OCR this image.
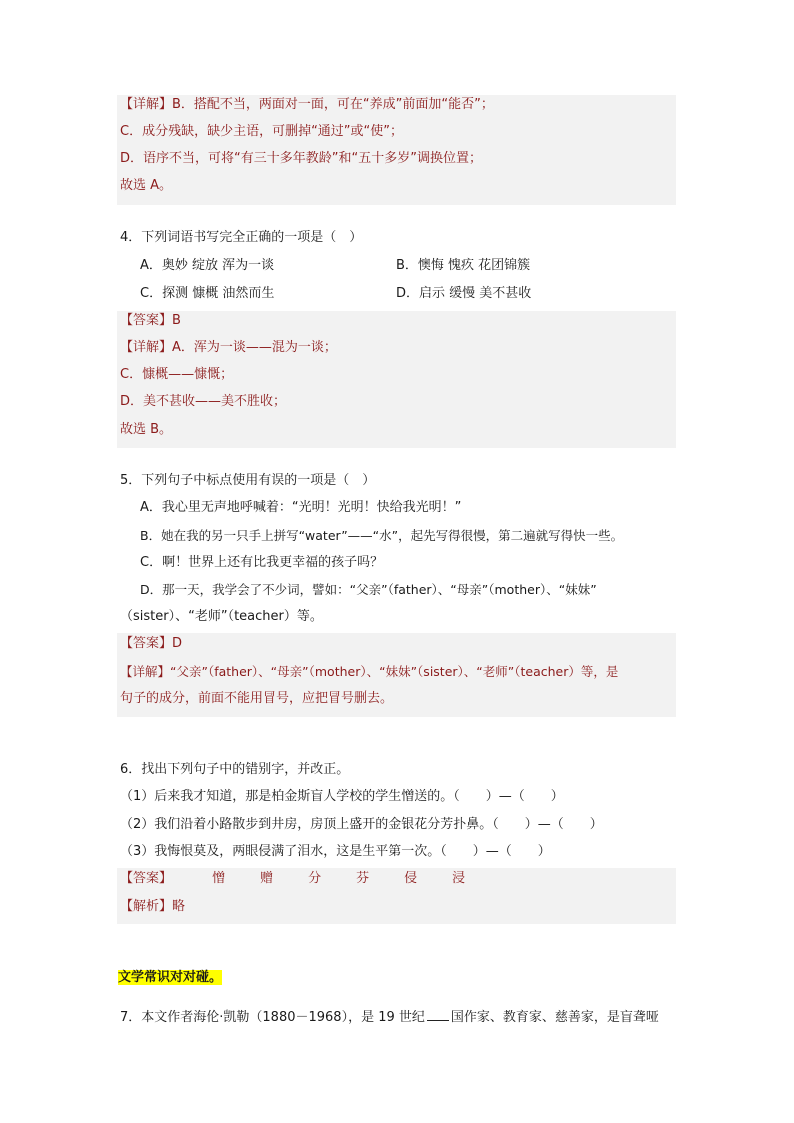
【详解】B．搭配不当，两面对一面，可在“养成”前面加“能否”；
C．成分残缺，缺少主语，可删掉“通过”或“使”；
D．语序不当，可将“有三十多年教龄”和“五十多岁”调换位置；
故选 A。
4．下列词语书写完全正确的一项是（　）
A．奥妙 绽放 浑为一谈	B．懊悔 愧疚 花团锦簇
C．探测 慷概 油然而生	D．启示 缓慢 美不甚收
【答案】B
【详解】A．浑为一谈——混为一谈；
C．慷概——慷慨；
D．美不甚收——美不胜收；
故选 B。
5．下列句子中标点使用有误的一项是（　）
A．我心里无声地呼喊着：“光明！光明！快给我光明！”
B．她在我的另一只手上拼写“water”——“水”，起先写得很慢，第二遍就写得快一些。
C．啊！世界上还有比我更幸福的孩子吗？
D．那一天，我学会了不少词，譬如：“父亲”（father）、“母亲”（mother）、“妹妹”
（sister）、“老师”（teacher）等。
【答案】D
【详解】“父亲”（father）、“母亲”（mother）、“妹妹”（sister）、“老师”（teacher）等，是
句子的成分，前面不能用冒号，应把冒号删去。
6．找出下列句子中的错别字，并改正。
（1）后来我才知道，那是柏金斯盲人学校的学生憎送的。（　　）—（　　）
（2）我们沿着小路散步到井房，房顶上盛开的金银花分芳扑鼻。（　　）—（　　）
（3）我悔恨莫及，两眼侵满了泪水，这是生平第一次。（　　）—（　　）
【答案】	憎	赠	分	芬	侵	浸
【解析】略
文学常识对对碰。
7．本文作者海伦·凯勒（1880－1968），是 19 世纪 国作家、教育家、慈善家，是盲聋哑
